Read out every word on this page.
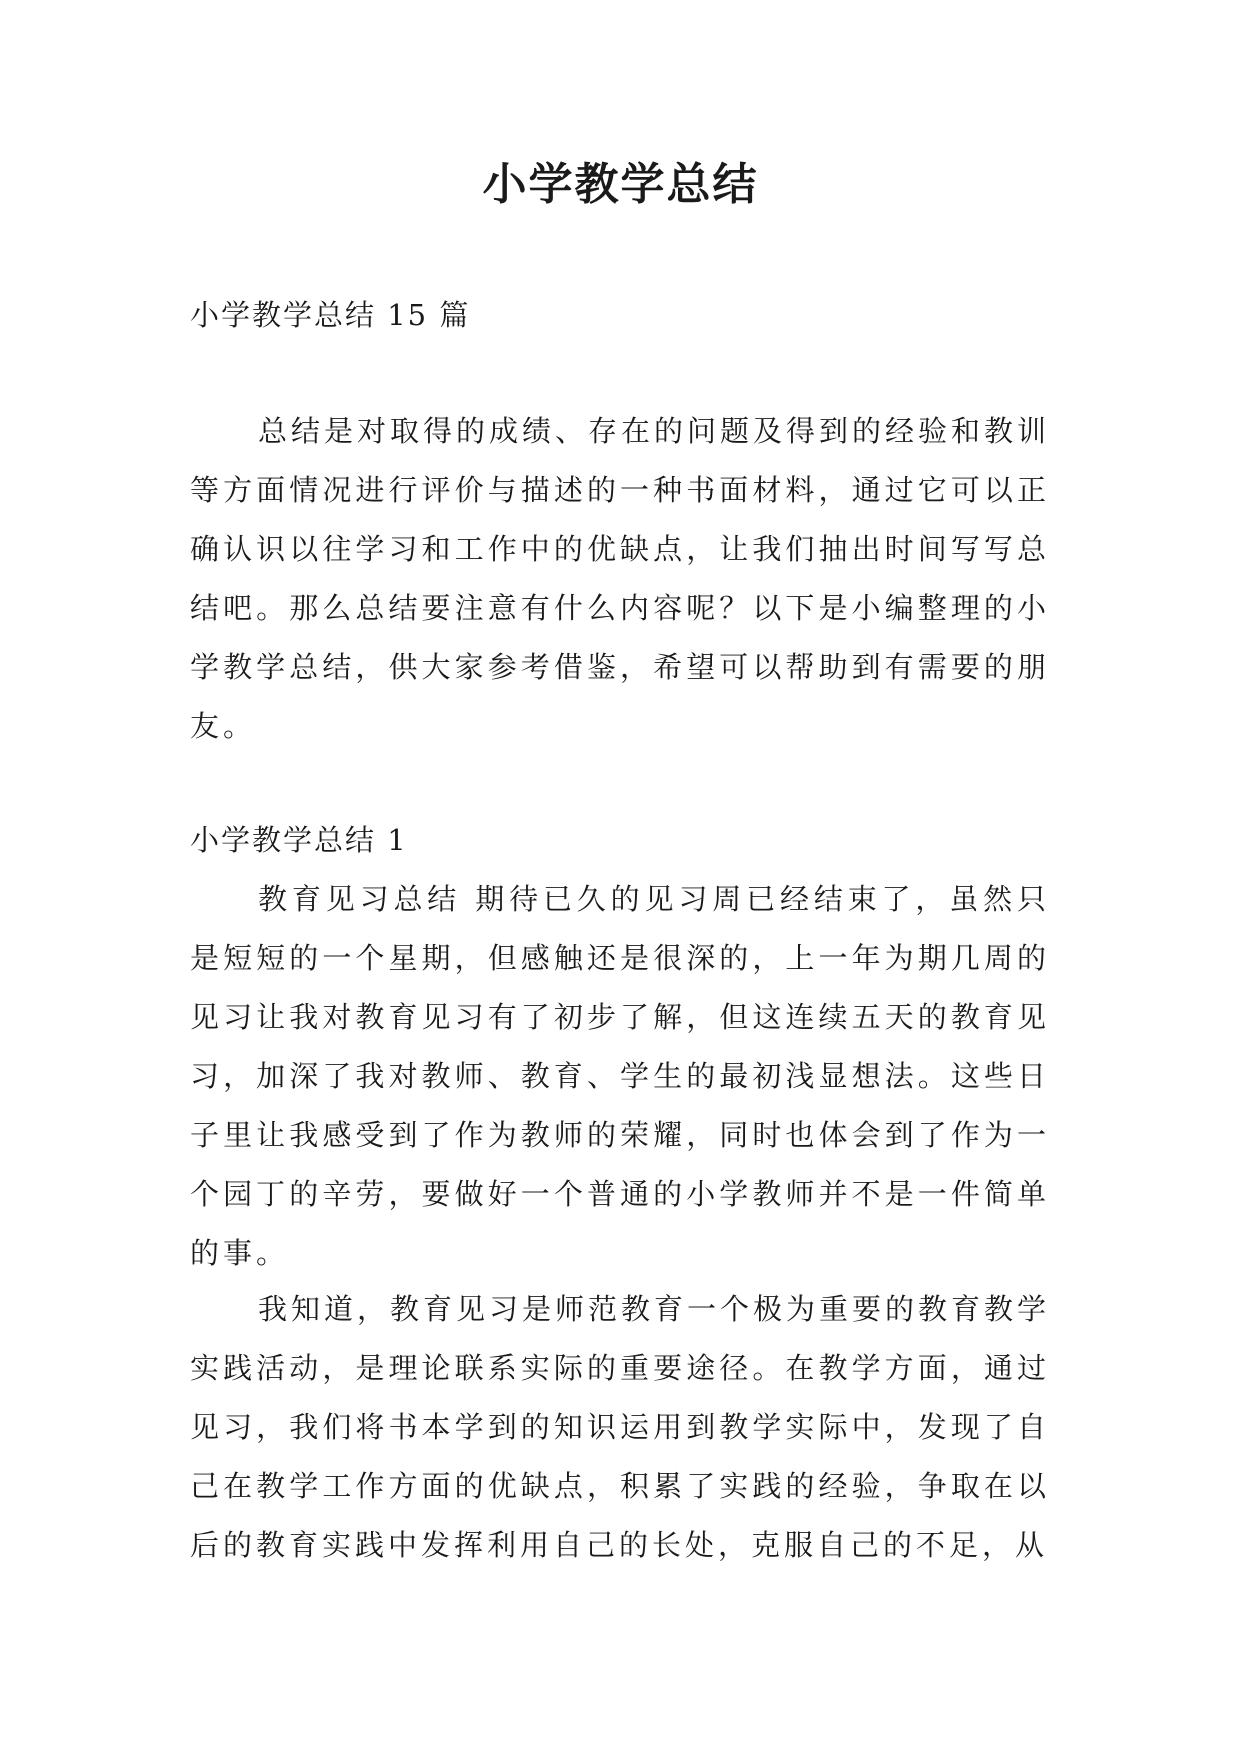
小学教学总结

小学教学总结 15 篇

总结是对取得的成绩、存在的问题及得到的经验和教训等方面情况进行评价与描述的一种书面材料，通过它可以正确认识以往学习和工作中的优缺点，让我们抽出时间写写总结吧。那么总结要注意有什么内容呢？以下是小编整理的小学教学总结，供大家参考借鉴，希望可以帮助到有需要的朋友。

小学教学总结 1

教育见习总结 期待已久的见习周已经结束了，虽然只是短短的一个星期，但感触还是很深的，上一年为期几周的见习让我对教育见习有了初步了解，但这连续五天的教育见习，加深了我对教师、教育、学生的最初浅显想法。这些日子里让我感受到了作为教师的荣耀，同时也体会到了作为一个园丁的辛劳，要做好一个普通的小学教师并不是一件简单的事。

我知道，教育见习是师范教育一个极为重要的教育教学实践活动，是理论联系实际的重要途径。在教学方面，通过见习，我们将书本学到的知识运用到教学实际中，发现了自己在教学工作方面的优缺点，积累了实践的经验，争取在以后的教育实践中发挥利用自己的长处，克服自己的不足，从
